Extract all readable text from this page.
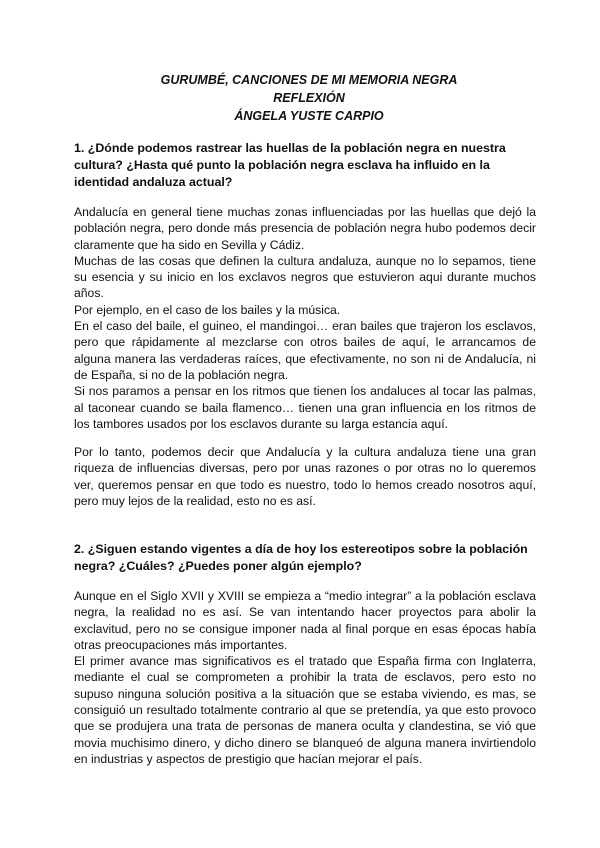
GURUMBÉ, CANCIONES DE MI MEMORIA NEGRA
REFLEXIÓN
ÁNGELA YUSTE CARPIO
1. ¿Dónde podemos rastrear las huellas de la población negra en nuestra cultura? ¿Hasta qué punto la población negra esclava ha influido en la identidad andaluza actual?
Andalucía en general tiene muchas zonas influenciadas por las huellas que dejó la población negra, pero donde más presencia de población negra hubo podemos decir claramente que ha sido en Sevilla y Cádiz.
Muchas de las cosas que definen la cultura andaluza, aunque no lo sepamos, tiene su esencia y su inicio en los exclavos negros que estuvieron aqui durante muchos años.
Por ejemplo, en el caso de los bailes y la música.
En el caso del baile, el guineo, el mandingoi… eran bailes que trajeron los esclavos, pero que rápidamente al mezclarse con otros bailes de aquí, le arrancamos de alguna manera las verdaderas raíces, que efectivamente, no son ni de Andalucía, ni de España, si no de la población negra.
Si nos paramos a pensar en los ritmos que tienen los andaluces al tocar las palmas, al taconear cuando se baila flamenco… tienen una gran influencia en los ritmos de los tambores usados por los esclavos durante su larga estancia aquí.
Por lo tanto, podemos decir que Andalucía y la cultura andaluza tiene una gran riqueza de influencias diversas, pero por unas razones o por otras no lo queremos ver, queremos pensar en que todo es nuestro, todo lo hemos creado nosotros aquí, pero muy lejos de la realidad, esto no es así.
2. ¿Siguen estando vigentes a día de hoy los estereotipos sobre la población negra? ¿Cuáles? ¿Puedes poner algún ejemplo?
Aunque en el Siglo XVII y XVIII se empieza a “medio integrar” a la población esclava negra, la realidad no es así. Se van intentando hacer proyectos para abolir la exclavitud, pero no se consigue imponer nada al final porque en esas épocas había otras preocupaciones más importantes.
El primer avance mas significativos es el tratado que España firma con Inglaterra, mediante el cual se comprometen a prohibir la trata de esclavos, pero esto no supuso ninguna solución positiva a la situación que se estaba viviendo, es mas, se consiguió un resultado totalmente contrario al que se pretendía, ya que esto provoco que se produjera una trata de personas de manera oculta y clandestina, se vió que movia muchisimo dinero, y dicho dinero se blanqueó de alguna manera invirtiendolo en industrias y aspectos de prestigio que hacían mejorar el país.
